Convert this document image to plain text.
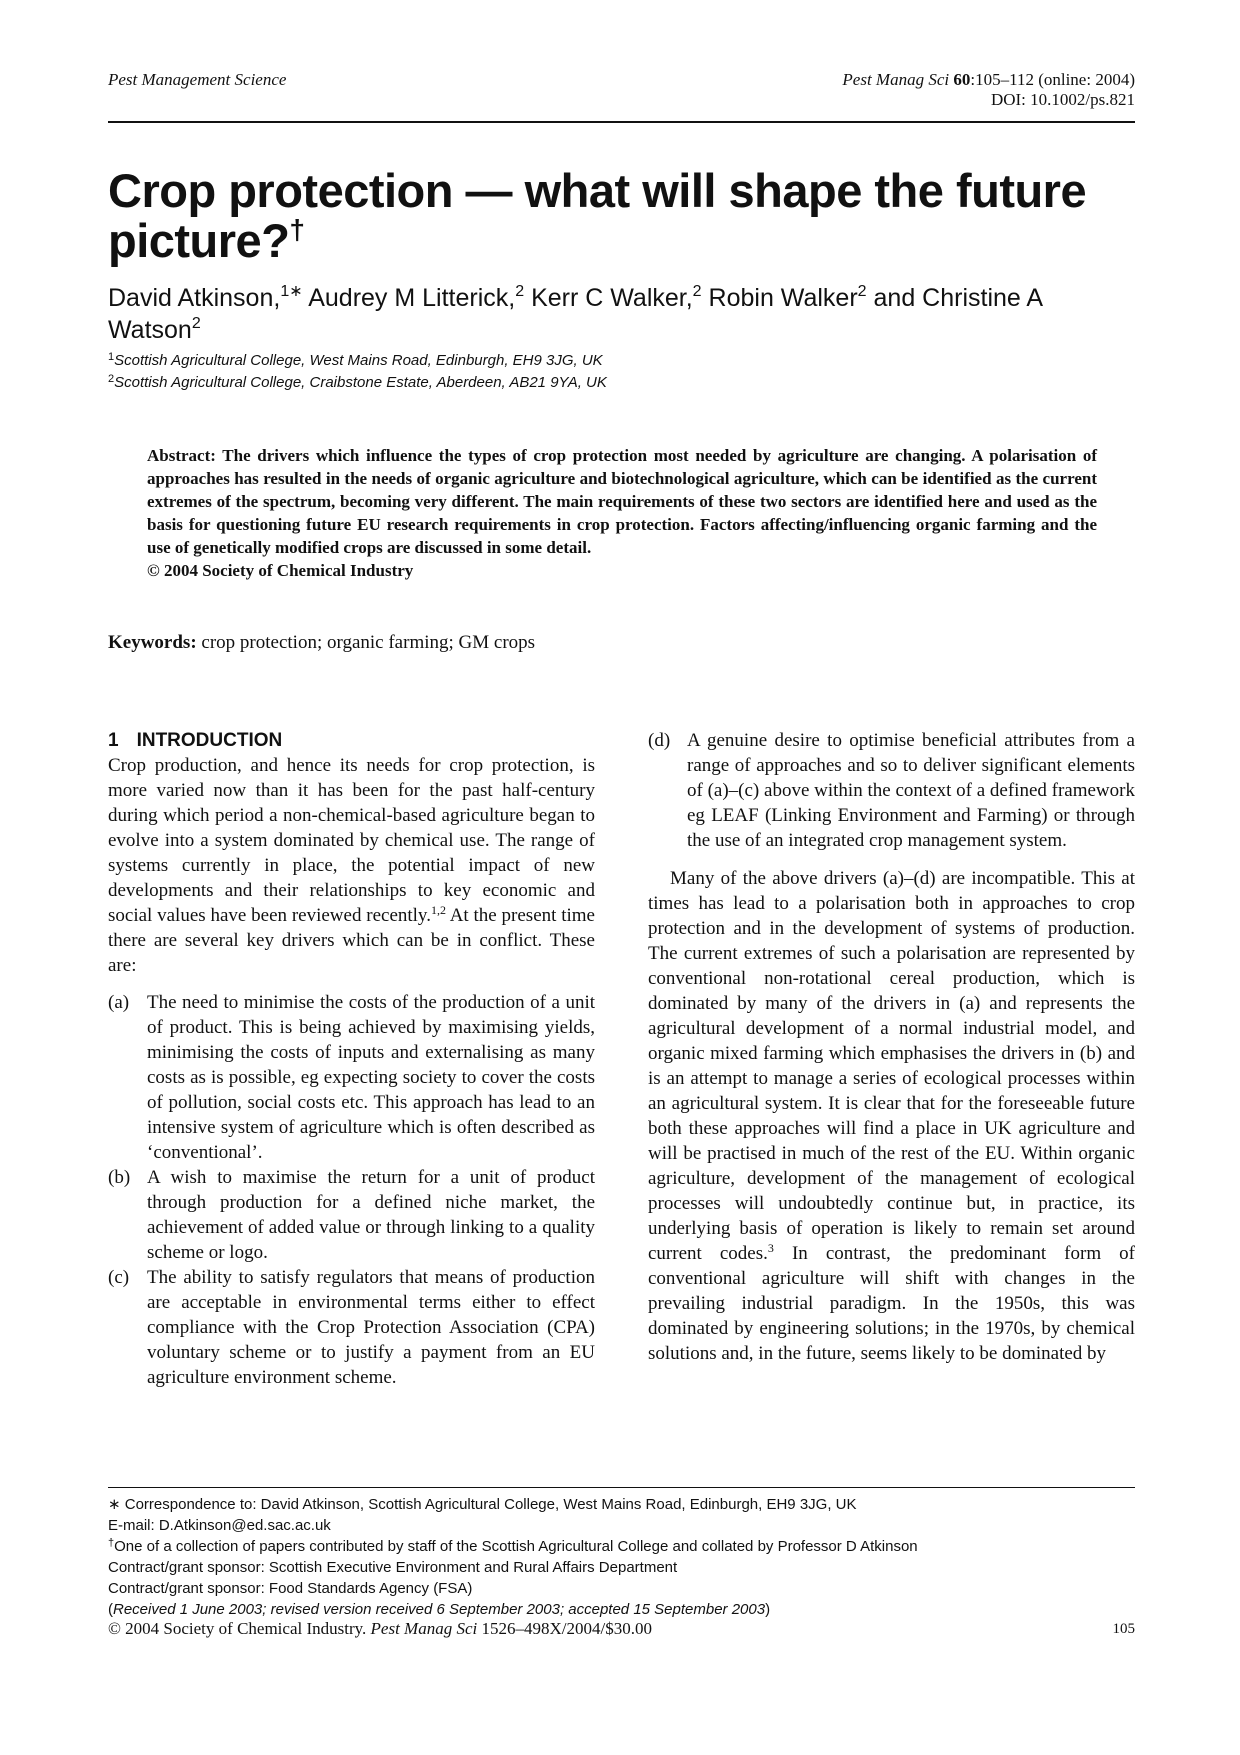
Pest Management Science	Pest Manag Sci 60:105–112 (online: 2004)
DOI: 10.1002/ps.821
Crop protection — what will shape the future picture?†
David Atkinson,$^{1∗}$ Audrey M Litterick,$^2$ Kerr C Walker,$^2$ Robin Walker$^2$ and Christine A Watson$^2$
$^1$Scottish Agricultural College, West Mains Road, Edinburgh, EH9 3JG, UK
$^2$Scottish Agricultural College, Craibstone Estate, Aberdeen, AB21 9YA, UK
Abstract: The drivers which influence the types of crop protection most needed by agriculture are changing. A polarisation of approaches has resulted in the needs of organic agriculture and biotechnological agriculture, which can be identified as the current extremes of the spectrum, becoming very different. The main requirements of these two sectors are identified here and used as the basis for questioning future EU research requirements in crop protection. Factors affecting/influencing organic farming and the use of genetically modified crops are discussed in some detail.
© 2004 Society of Chemical Industry
Keywords: crop protection; organic farming; GM crops
1 INTRODUCTION

Crop production, and hence its needs for crop protection, is more varied now than it has been for the past half-century during which period a non-chemical-based agriculture began to evolve into a system dominated by chemical use. The range of systems currently in place, the potential impact of new developments and their relationships to key economic and social values have been reviewed recently.$^{1,2}$ At the present time there are several key drivers which can be in conflict. These are:

(a) The need to minimise the costs of the production of a unit of product. This is being achieved by maximising yields, minimising the costs of inputs and externalising as many costs as is possible, eg expecting society to cover the costs of pollution, social costs etc. This approach has lead to an intensive system of agriculture which is often described as ‘conventional’.
(b) A wish to maximise the return for a unit of product through production for a defined niche market, the achievement of added value or through linking to a quality scheme or logo.
(c) The ability to satisfy regulators that means of production are acceptable in environmental terms either to effect compliance with the Crop Protection Association (CPA) voluntary scheme or to justify a payment from an EU agriculture environment scheme.
(d) A genuine desire to optimise beneficial attributes from a range of approaches and so to deliver significant elements of (a)–(c) above within the context of a defined framework eg LEAF (Linking Environment and Farming) or through the use of an integrated crop management system.

Many of the above drivers (a)–(d) are incompatible. This at times has lead to a polarisation both in approaches to crop protection and in the development of systems of production. The current extremes of such a polarisation are represented by conventional non-rotational cereal production, which is dominated by many of the drivers in (a) and represents the agricultural development of a normal industrial model, and organic mixed farming which emphasises the drivers in (b) and is an attempt to manage a series of ecological processes within an agricultural system. It is clear that for the foreseeable future both these approaches will find a place in UK agriculture and will be practised in much of the rest of the EU. Within organic agriculture, development of the management of ecological processes will undoubtedly continue but, in practice, its underlying basis of operation is likely to remain set around current codes.$^3$ In contrast, the predominant form of conventional agriculture will shift with changes in the prevailing industrial paradigm. In the 1950s, this was dominated by engineering solutions; in the 1970s, by chemical solutions and, in the future, seems likely to be dominated by

∗ Correspondence to: David Atkinson, Scottish Agricultural College, West Mains Road, Edinburgh, EH9 3JG, UK
E-mail: D.Atkinson@ed.sac.ac.uk
†One of a collection of papers contributed by staff of the Scottish Agricultural College and collated by Professor D Atkinson
Contract/grant sponsor: Scottish Executive Environment and Rural Affairs Department
Contract/grant sponsor: Food Standards Agency (FSA)
(Received 1 June 2003; revised version received 6 September 2003; accepted 15 September 2003)
© 2004 Society of Chemical Industry. Pest Manag Sci 1526–498X/2004/$30.00	105
